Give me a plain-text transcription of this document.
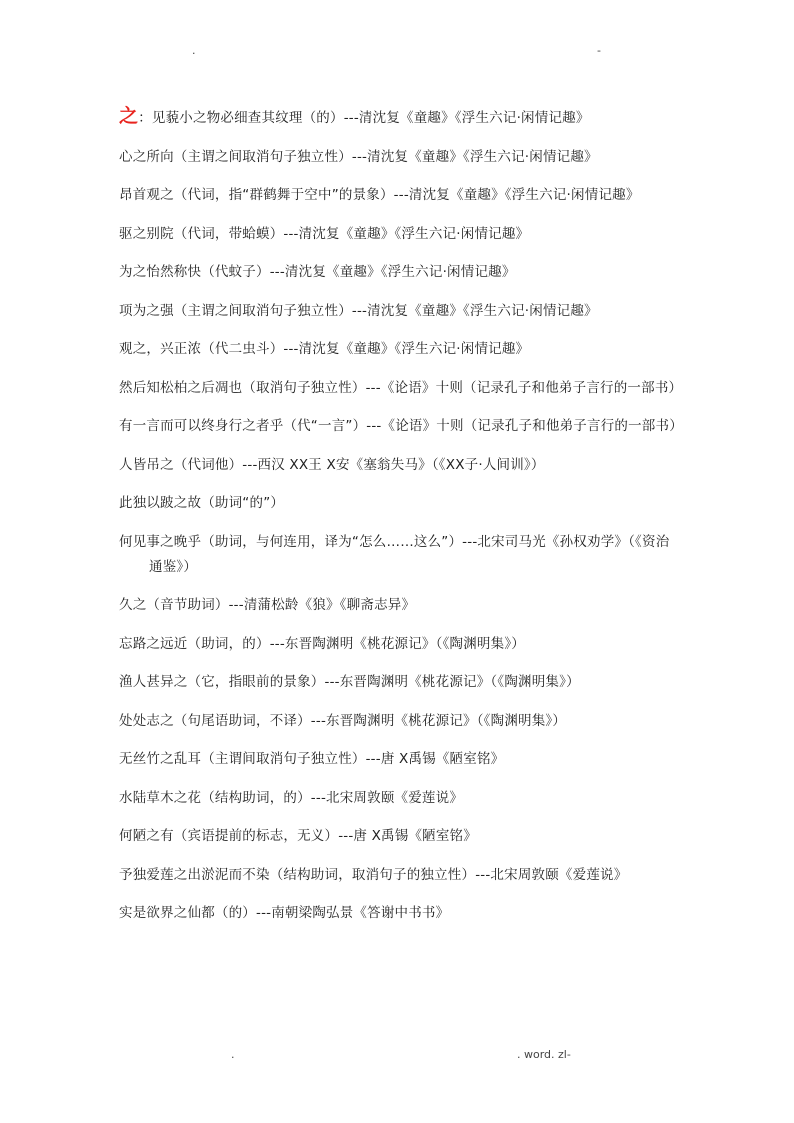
.	-

之：见藐小之物必细查其纹理（的）---清沈复《童趣》《浮生六记·闲情记趣》

心之所向（主谓之间取消句子独立性）---清沈复《童趣》《浮生六记·闲情记趣》

昂首观之（代词，指“群鹤舞于空中”的景象）---清沈复《童趣》《浮生六记·闲情记趣》

驱之别院（代词，带蛤蟆）---清沈复《童趣》《浮生六记·闲情记趣》

为之怡然称快（代蚊子）---清沈复《童趣》《浮生六记·闲情记趣》

项为之强（主谓之间取消句子独立性）---清沈复《童趣》《浮生六记·闲情记趣》

观之，兴正浓（代二虫斗）---清沈复《童趣》《浮生六记·闲情记趣》

然后知松柏之后凋也（取消句子独立性）---《论语》十则（记录孔子和他弟子言行的一部书）

有一言而可以终身行之者乎（代“一言”）---《论语》十则（记录孔子和他弟子言行的一部书）

人皆吊之（代词他）---西汉 XX王 X安《塞翁失马》（《XX子·人间训》）

此独以跛之故（助词“的”）

何见事之晚乎（助词，与何连用，译为“怎么……这么”）---北宋司马光《孙权劝学》（《资治通鉴》）

久之（音节助词）---清蒲松龄《狼》《聊斋志异》

忘路之远近（助词，的）---东晋陶渊明《桃花源记》（《陶渊明集》）

渔人甚异之（它，指眼前的景象）---东晋陶渊明《桃花源记》（《陶渊明集》）

处处志之（句尾语助词，不译）---东晋陶渊明《桃花源记》（《陶渊明集》）

无丝竹之乱耳（主谓间取消句子独立性）---唐 X禹锡《陋室铭》

水陆草木之花（结构助词，的）---北宋周敦颐《爱莲说》

何陋之有（宾语提前的标志，无义）---唐 X禹锡《陋室铭》

予独爱莲之出淤泥而不染（结构助词，取消句子的独立性）---北宋周敦颐《爱莲说》

实是欲界之仙都（的）---南朝梁陶弘景《答谢中书书》

.	. word. zl-
